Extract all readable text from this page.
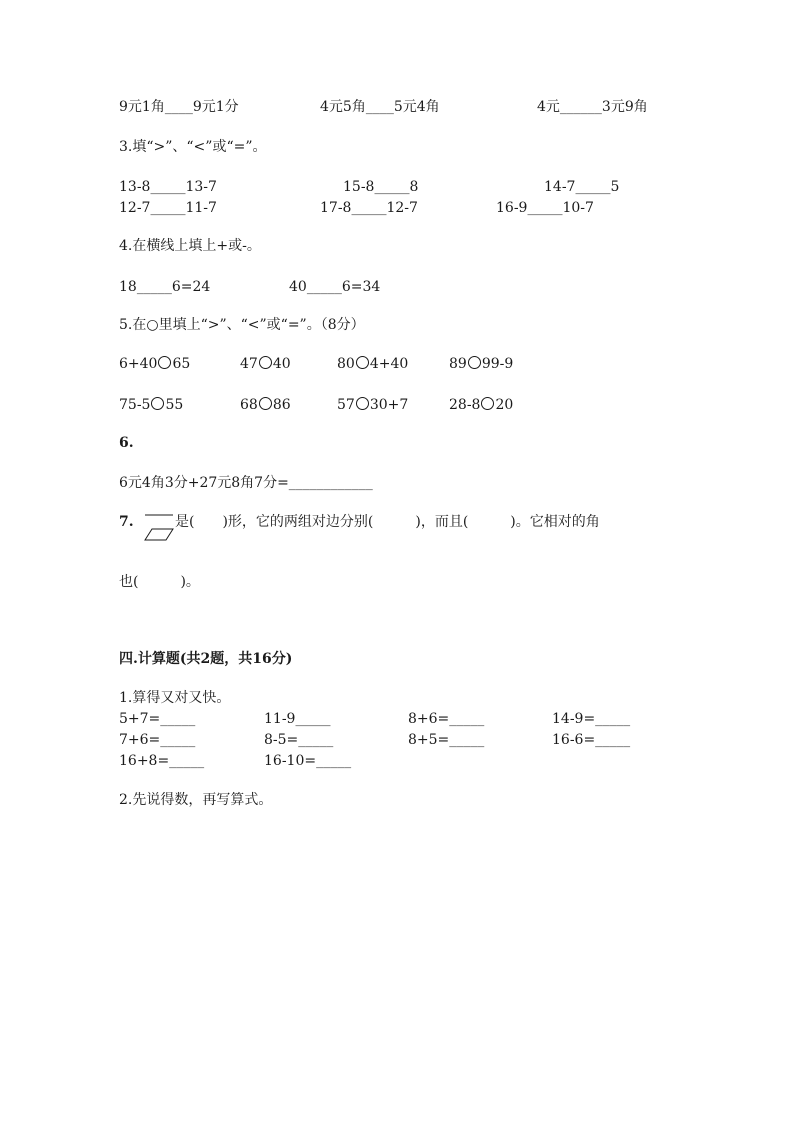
9元1角____9元1分	4元5角____5元4角	4元______3元9角
3.填“>”、“<”或“=”。
13-8_____13-7	15-8_____8	14-7_____5
12-7_____11-7	17-8_____12-7	16-9_____10-7
4.在横线上填上+或-。
18_____6=24	40_____6=34
5.在○里填上“>”、“<”或“=”。（8分）
6+40 65	47 40	80 4+40	89 99-9
75-5 55	68 86	57 30+7	28-8 20
6.
6元4角3分+27元8角7分=____________
7.	是(　　)形，它的两组对边分别(　　　)，而且(　　　)。它相对的角
也(　　　)。
四.计算题(共2题，共16分)
1.算得又对又快。
5+7=_____	11-9_____	8+6=_____	14-9=_____
7+6=_____	8-5=_____	8+5=_____	16-6=_____
16+8=_____	16-10=_____
2.先说得数，再写算式。
